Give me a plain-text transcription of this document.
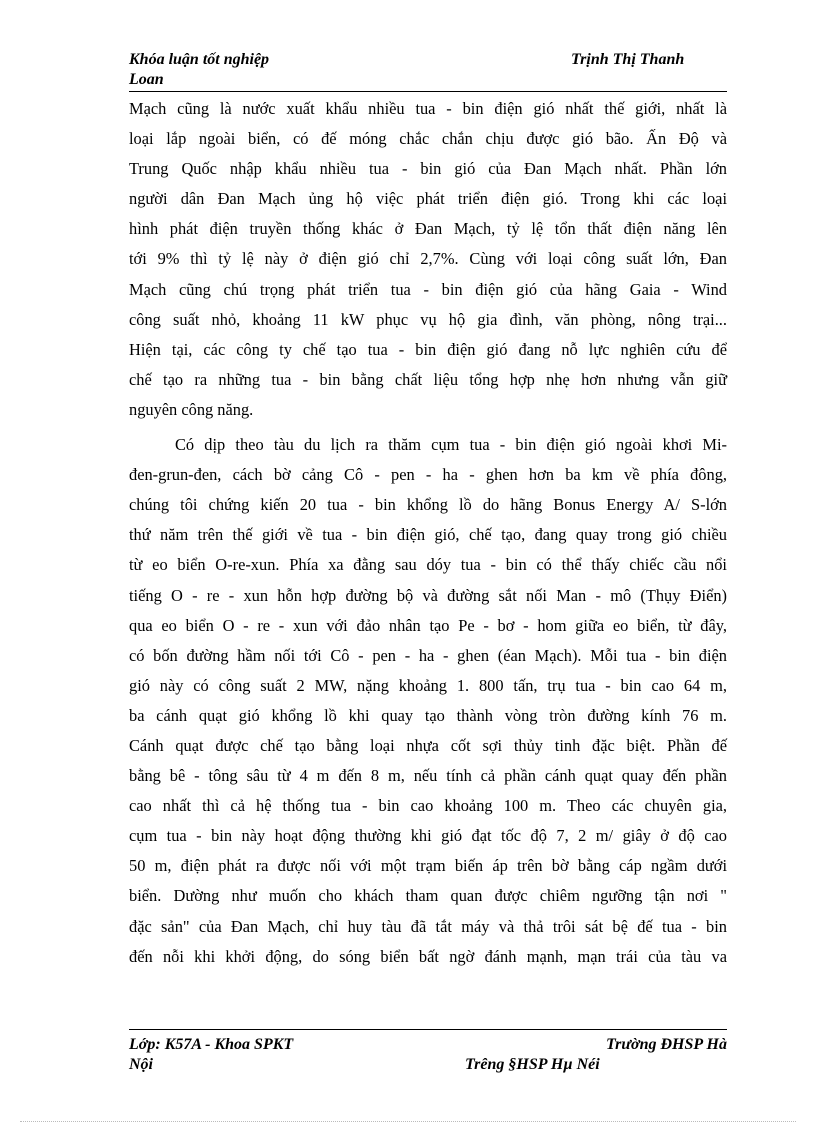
Khóa luận tốt nghiệp	Trịnh Thị Thanh
Loan
Mạch cũng là nước xuất khẩu nhiều tua - bin điện gió nhất thế giới, nhất là
loại lắp ngoài biển, có đế móng chắc chắn chịu được gió bão. Ấn Độ và
Trung Quốc nhập khẩu nhiều tua - bin gió của Đan Mạch nhất. Phần lớn
người dân Đan Mạch ủng hộ việc phát triển điện gió. Trong khi các loại
hình phát điện truyền thống khác ở Đan Mạch, tỷ lệ tổn thất điện năng lên
tới 9% thì tỷ lệ này ở điện gió chỉ 2,7%. Cùng với loại công suất lớn, Đan
Mạch cũng chú trọng phát triển tua - bin điện gió của hãng Gaia - Wind
công suất nhỏ, khoảng 11 kW phục vụ hộ gia đình, văn phòng, nông trại...
Hiện tại, các công ty chế tạo tua - bin điện gió đang nỗ lực nghiên cứu để
chế tạo ra những tua - bin bằng chất liệu tổng hợp nhẹ hơn nhưng vẫn giữ
nguyên công năng.
Có dịp theo tàu du lịch ra thăm cụm tua - bin điện gió ngoài khơi Mi-
đen-grun-đen, cách bờ cảng Cô - pen - ha - ghen hơn ba km về phía đông,
chúng tôi chứng kiến 20 tua - bin khổng lồ do hãng Bonus Energy A/ S-lớn
thứ năm trên thế giới về tua - bin điện gió, chế tạo, đang quay trong gió chiều
từ eo biển O-re-xun. Phía xa đằng sau dóy tua - bin có thể thấy chiếc cầu nổi
tiếng O - re - xun hỗn hợp đường bộ và đường sắt nối Man - mô (Thụy Điển)
qua eo biển O - re - xun với đảo nhân tạo Pe - bơ - hom giữa eo biển, từ đây,
có bốn đường hầm nối tới Cô - pen - ha - ghen (éan Mạch). Mỗi tua - bin điện
gió này có công suất 2 MW, nặng khoảng 1. 800 tấn, trụ tua - bin cao 64 m,
ba cánh quạt gió khổng lồ khi quay tạo thành vòng tròn đường kính 76 m.
Cánh quạt được chế tạo bằng loại nhựa cốt sợi thủy tinh đặc biệt. Phần đế
bằng bê - tông sâu từ 4 m đến 8 m, nếu tính cả phần cánh quạt quay đến phần
cao nhất thì cả hệ thống tua - bin cao khoảng 100 m. Theo các chuyên gia,
cụm tua - bin này hoạt động thường khi gió đạt tốc độ 7, 2 m/ giây ở độ cao
50 m, điện phát ra được nối với một trạm biến áp trên bờ bằng cáp ngầm dưới
biển. Dường như muốn cho khách tham quan được chiêm ngưỡng tận nơi "
đặc sản" của Đan Mạch, chỉ huy tàu đã tắt máy và thả trôi sát bệ đế tua - bin
đến nỗi khi khởi động, do sóng biển bất ngờ đánh mạnh, mạn trái của tàu va
Lớp: K57A - Khoa SPKT	Trường ĐHSP Hà
Nội	Trêng §HSP Hµ Néi
